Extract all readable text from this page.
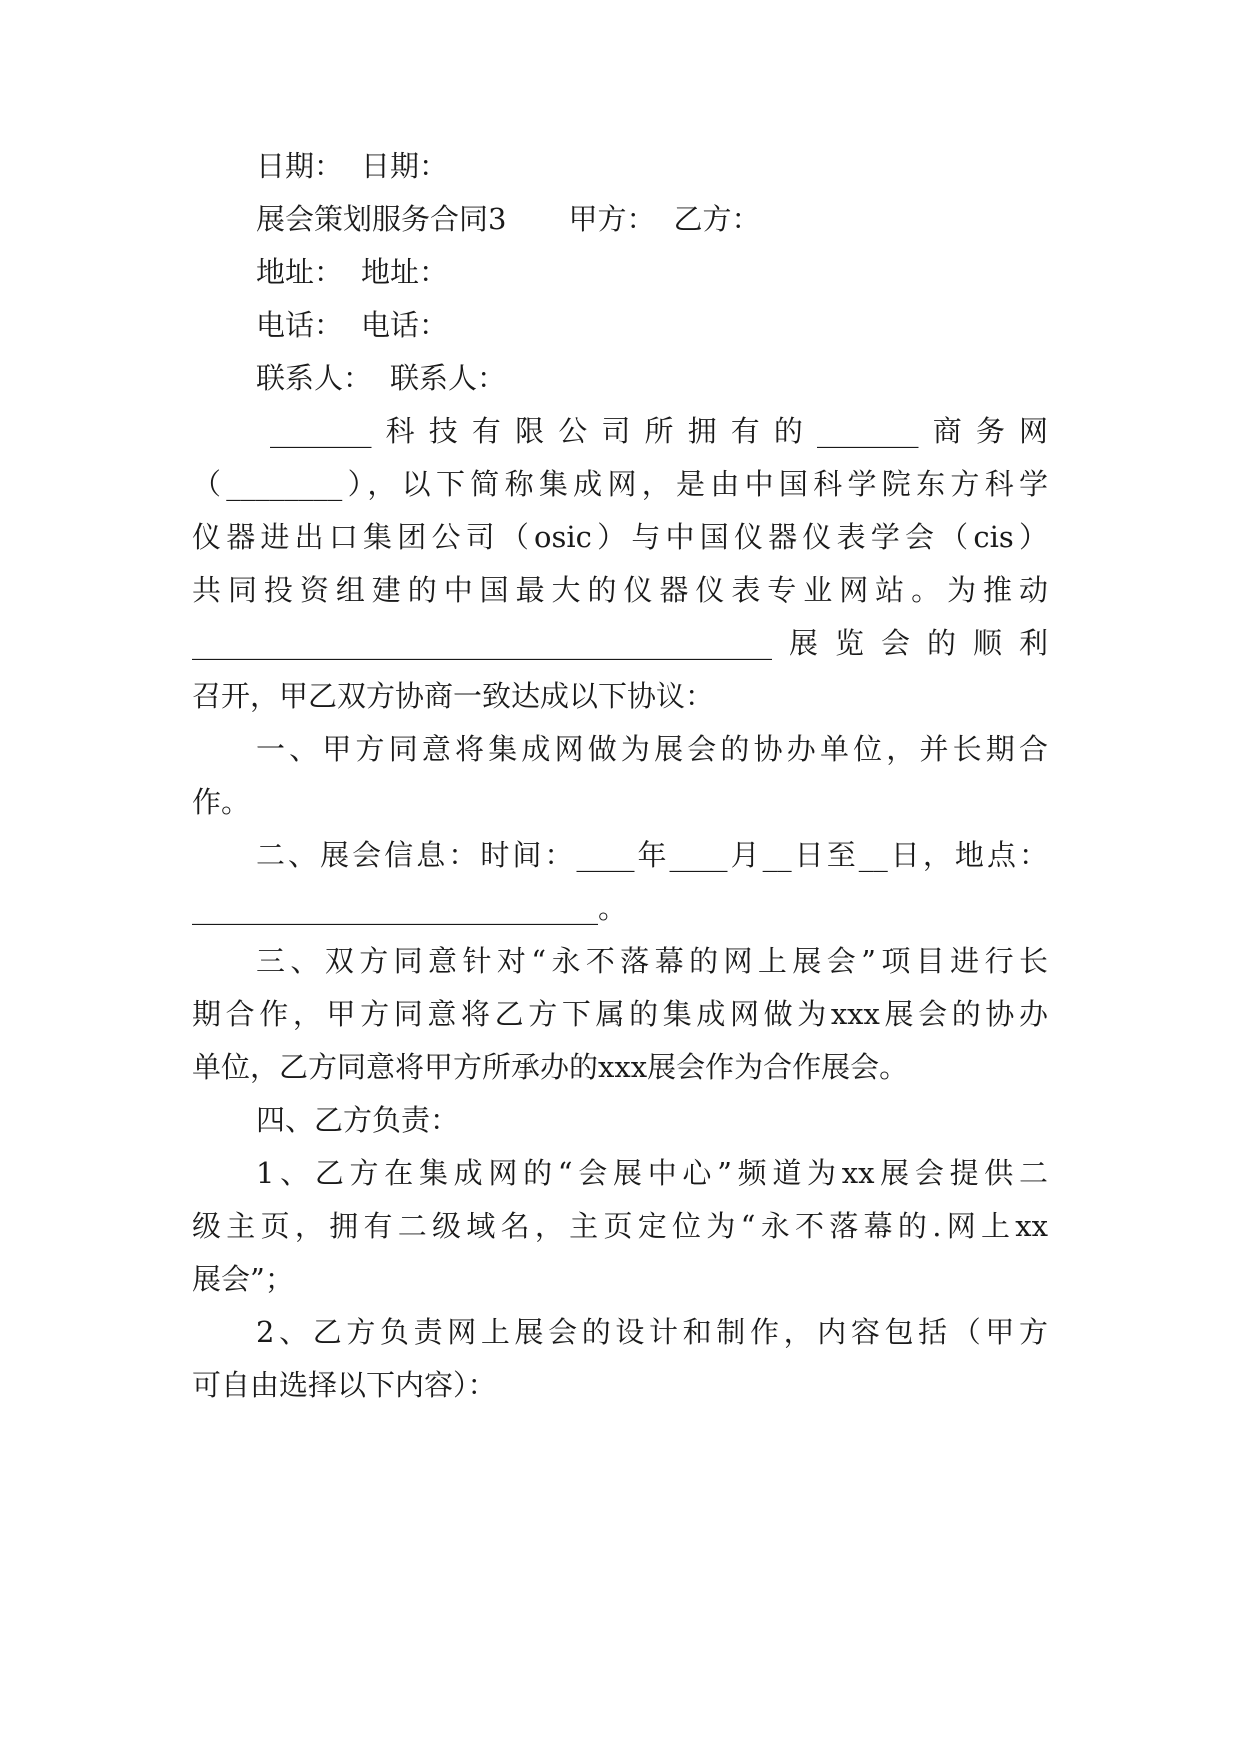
日期： 日期：
展会策划服务合同3 甲方： 乙方：
地址： 地址：
电话： 电话：
联系人： 联系人：
_______科技有限公司所拥有的_______商务网
（________），以下简称集成网，是由中国科学院东方科学
仪器进出口集团公司（osic）与中国仪器仪表学会（cis）
共同投资组建的中国最大的仪器仪表专业网站。为推动
________________________________________展览会的顺利
召开，甲乙双方协商一致达成以下协议：
一、甲方同意将集成网做为展会的协办单位，并长期合
作。
二、展会信息：时间：____年____月__日至__日，地点：
____________________________。
三、双方同意针对“永不落幕的网上展会”项目进行长
期合作，甲方同意将乙方下属的集成网做为xxx展会的协办
单位，乙方同意将甲方所承办的xxx展会作为合作展会。
四、乙方负责：
1、乙方在集成网的“会展中心”频道为xx展会提供二
级主页，拥有二级域名，主页定位为“永不落幕的.网上xx
展会”；
2、乙方负责网上展会的设计和制作，内容包括（甲方
可自由选择以下内容）：
